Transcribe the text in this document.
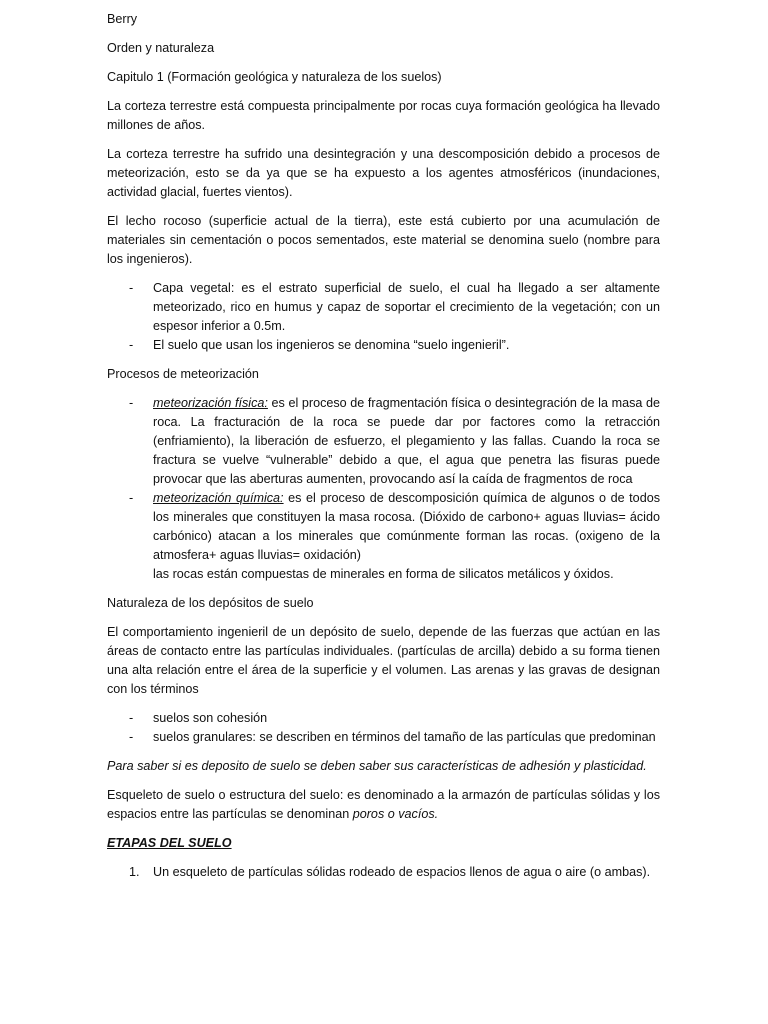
Berry

Orden y naturaleza

Capitulo 1 (Formación geológica y naturaleza de los suelos)

La corteza terrestre está compuesta principalmente por rocas cuya formación geológica ha llevado millones de años.

La corteza terrestre ha sufrido una desintegración y una descomposición debido a procesos de meteorización, esto se da ya que se ha expuesto a los agentes atmosféricos (inundaciones, actividad glacial, fuertes vientos).

El lecho rocoso (superficie actual de la tierra), este está cubierto por una acumulación de materiales sin cementación o pocos sementados, este material se denomina suelo (nombre para los ingenieros).

- Capa vegetal: es el estrato superficial de suelo, el cual ha llegado a ser altamente meteorizado, rico en humus y capaz de soportar el crecimiento de la vegetación; con un espesor inferior a 0.5m.
- El suelo que usan los ingenieros se denomina “suelo ingenieril”.

Procesos de meteorización

- meteorización física: es el proceso de fragmentación física o desintegración de la masa de roca. La fracturación de la roca se puede dar por factores como la retracción (enfriamiento), la liberación de esfuerzo, el plegamiento y las fallas. Cuando la roca se fractura se vuelve “vulnerable” debido a que, el agua que penetra las fisuras puede provocar que las aberturas aumenten, provocando así la caída de fragmentos de roca
- meteorización química: es el proceso de descomposición química de algunos o de todos los minerales que constituyen la masa rocosa. (Dióxido de carbono+ aguas lluvias= ácido carbónico) atacan a los minerales que comúnmente forman las rocas. (oxigeno de la atmosfera+ aguas lluvias= oxidación)
las rocas están compuestas de minerales en forma de silicatos metálicos y óxidos.

Naturaleza de los depósitos de suelo

El comportamiento ingenieril de un depósito de suelo, depende de las fuerzas que actúan en las áreas de contacto entre las partículas individuales. (partículas de arcilla) debido a su forma tienen una alta relación entre el área de la superficie y el volumen. Las arenas y las gravas de designan con los términos

- suelos son cohesión
- suelos granulares: se describen en términos del tamaño de las partículas que predominan

Para saber si es deposito de suelo se deben saber sus características de adhesión y plasticidad.

Esqueleto de suelo o estructura del suelo: es denominado a la armazón de partículas sólidas y los espacios entre las partículas se denominan poros o vacíos.

ETAPAS DEL SUELO

1. Un esqueleto de partículas sólidas rodeado de espacios llenos de agua o aire (o ambas).
